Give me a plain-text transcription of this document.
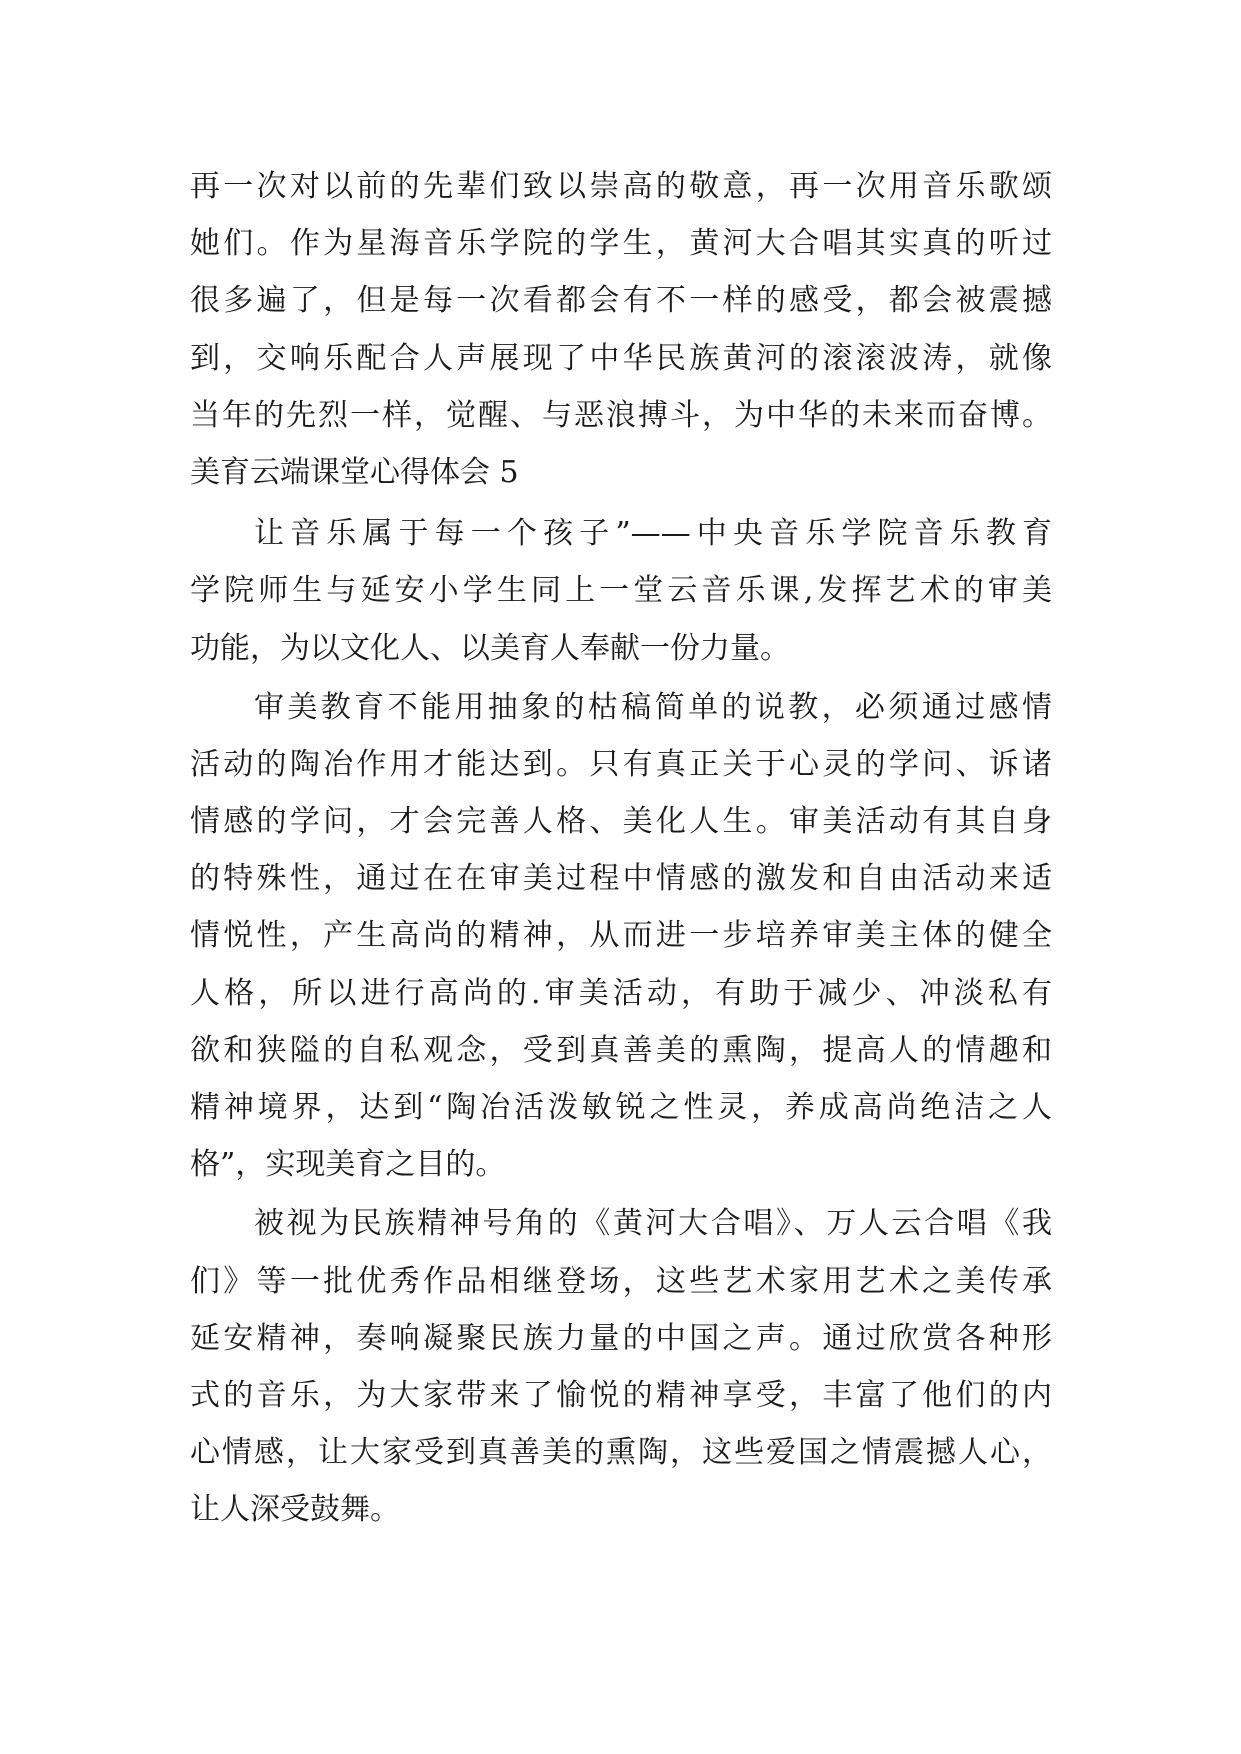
再一次对以前的先辈们致以崇高的敬意，再一次用音乐歌颂
她们。作为星海音乐学院的学生，黄河大合唱其实真的听过
很多遍了，但是每一次看都会有不一样的感受，都会被震撼
到，交响乐配合人声展现了中华民族黄河的滚滚波涛，就像
当年的先烈一样，觉醒、与恶浪搏斗，为中华的未来而奋博。
美育云端课堂心得体会 5
让音乐属于每一个孩子”——中央音乐学院音乐教育
学院师生与延安小学生同上一堂云音乐课,发挥艺术的审美
功能，为以文化人、以美育人奉献一份力量。
审美教育不能用抽象的枯稿简单的说教，必须通过感情
活动的陶冶作用才能达到。只有真正关于心灵的学问、诉诸
情感的学问，才会完善人格、美化人生。审美活动有其自身
的特殊性，通过在在审美过程中情感的激发和自由活动来适
情悦性，产生高尚的精神，从而进一步培养审美主体的健全
人格，所以进行高尚的.审美活动，有助于减少、冲淡私有
欲和狭隘的自私观念，受到真善美的熏陶，提高人的情趣和
精神境界，达到“陶冶活泼敏锐之性灵，养成高尚绝洁之人
格”，实现美育之目的。
被视为民族精神号角的《黄河大合唱》、万人云合唱《我
们》等一批优秀作品相继登场，这些艺术家用艺术之美传承
延安精神，奏响凝聚民族力量的中国之声。通过欣赏各种形
式的音乐，为大家带来了愉悦的精神享受，丰富了他们的内
心情感，让大家受到真善美的熏陶，这些爱国之情震撼人心，
让人深受鼓舞。
